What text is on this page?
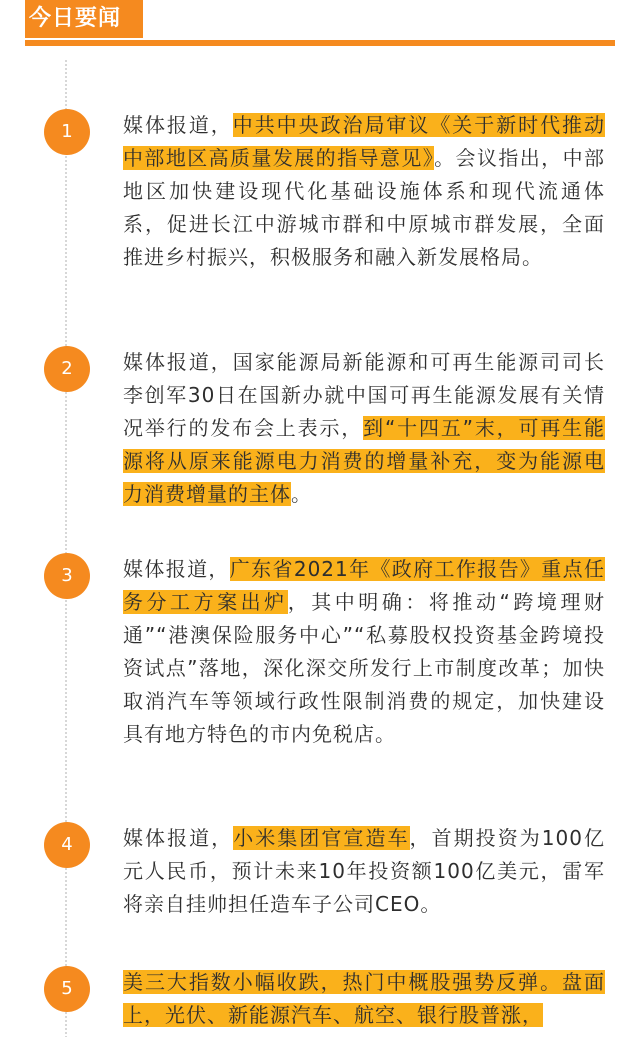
今日要闻
1	媒体报道，中共中央政治局审议《关于新时代推动中部地区高质量发展的指导意见》。会议指出，中部地区加快建设现代化基础设施体系和现代流通体系，促进长江中游城市群和中原城市群发展，全面推进乡村振兴，积极服务和融入新发展格局。
2	媒体报道，国家能源局新能源和可再生能源司司长李创军30日在国新办就中国可再生能源发展有关情况举行的发布会上表示，到“十四五”末，可再生能源将从原来能源电力消费的增量补充，变为能源电力消费增量的主体。
3	媒体报道，广东省2021年《政府工作报告》重点任务分工方案出炉，其中明确：将推动“跨境理财通”“港澳保险服务中心”“私募股权投资基金跨境投资试点”落地，深化深交所发行上市制度改革；加快取消汽车等领域行政性限制消费的规定，加快建设具有地方特色的市内免税店。
4	媒体报道，小米集团官宣造车，首期投资为100亿元人民币，预计未来10年投资额100亿美元，雷军将亲自挂帅担任造车子公司CEO。
5	美三大指数小幅收跌，热门中概股强势反弹。盘面上，光伏、新能源汽车、航空、银行股普涨，
